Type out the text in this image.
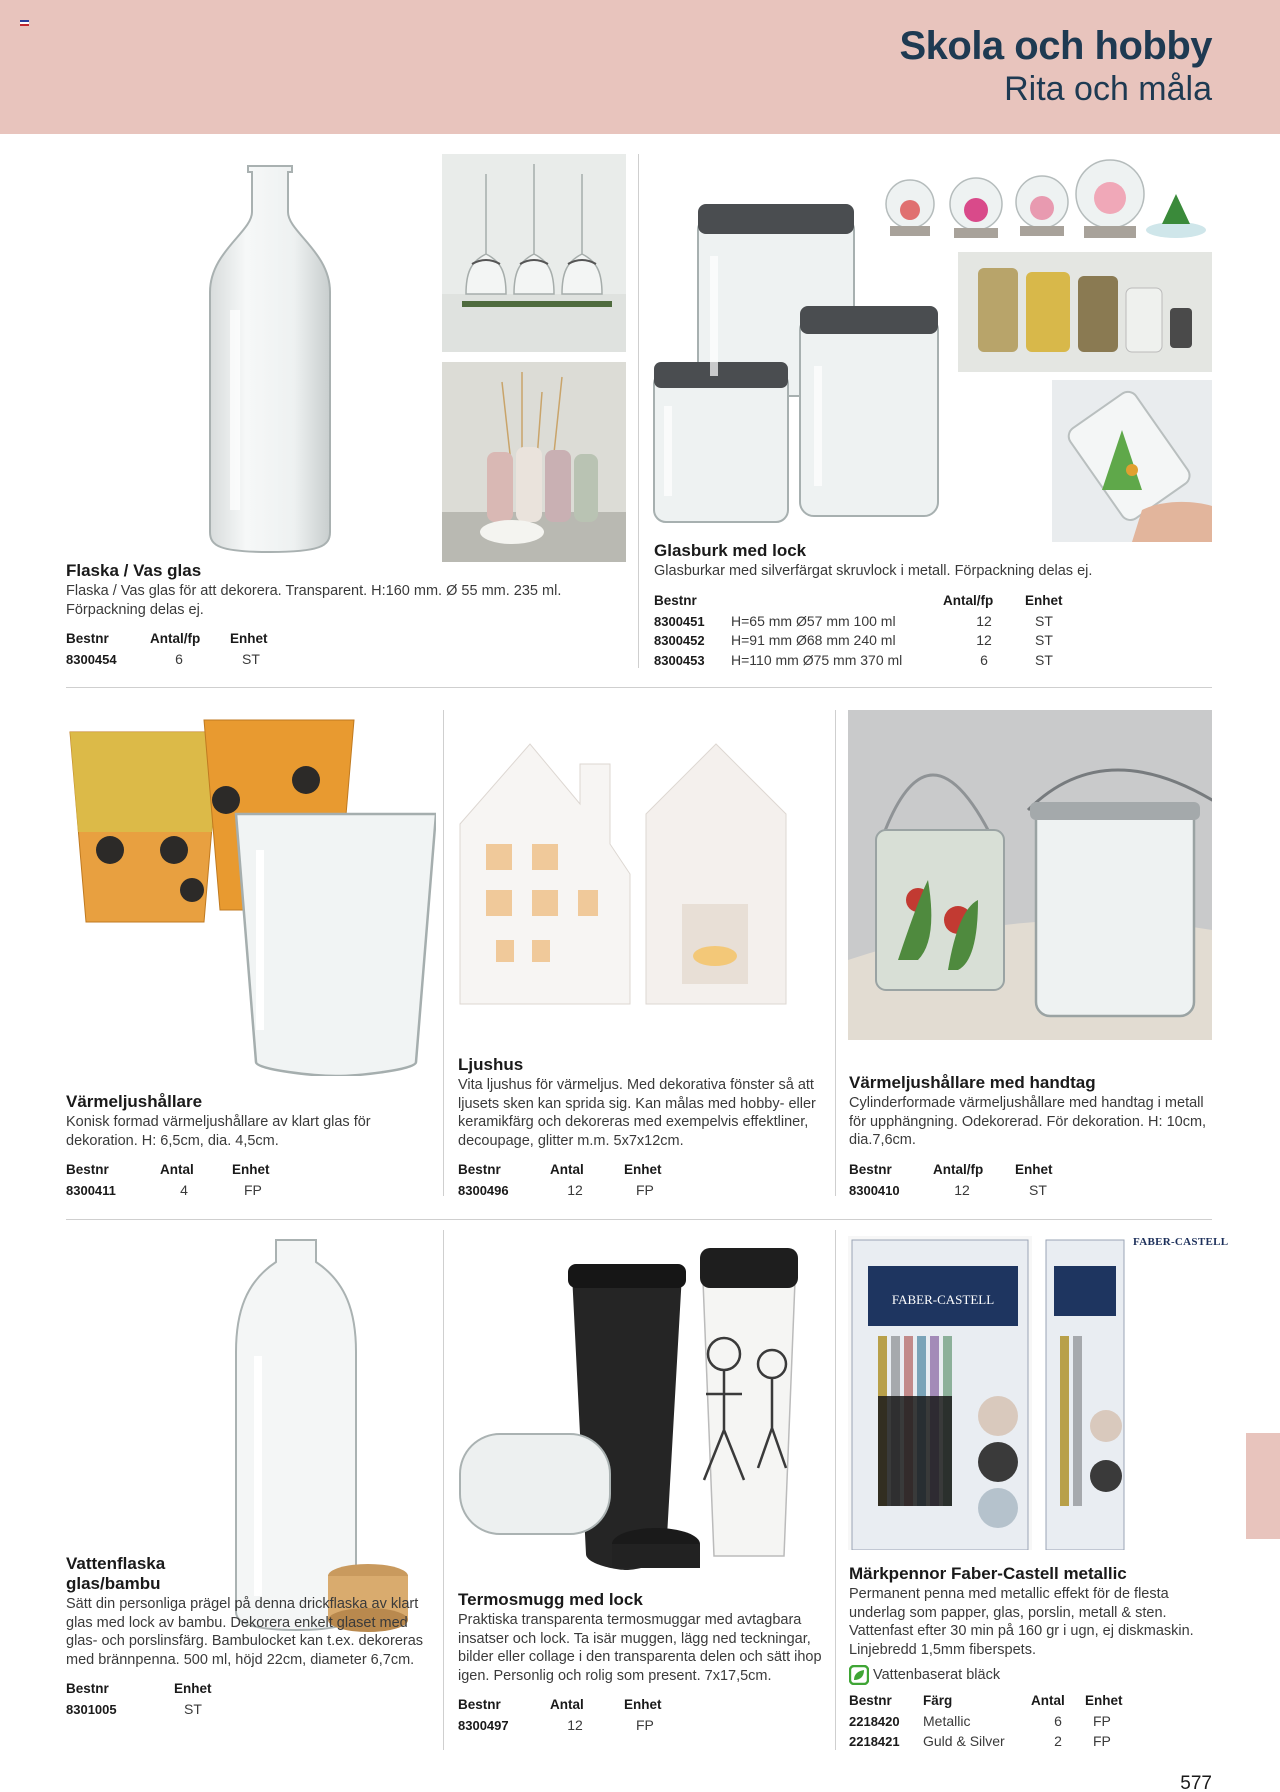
Skola och hobby
Rita och måla
FABER-CASTELL
FABER-CASTELL
Flaska / Vas glas
Flaska / Vas glas för att dekorera. Transparent. H:160 mm. Ø 55 mm. 235 ml. Förpackning delas ej.
Bestnr	Antal/fp	Enhet
8300454	6	ST
Glasburk med lock
Glasburkar med silverfärgat skruvlock i metall. Förpackning delas ej.
Bestnr		Antal/fp	Enhet
8300451	H=65 mm Ø57 mm 100 ml	12	ST
8300452	H=91 mm Ø68 mm 240 ml	12	ST
8300453	H=110 mm Ø75 mm 370 ml	6	ST
Värmeljushållare
Konisk formad värmeljushållare av klart glas för dekoration. H: 6,5cm, dia. 4,5cm.
Bestnr	Antal	Enhet
8300411	4	FP
Ljushus
Vita ljushus för värmeljus. Med dekorativa fönster så att ljusets sken kan sprida sig. Kan målas med hobby- eller keramikfärg och dekoreras med exempelvis effektliner, decoupage, glitter m.m. 5x7x12cm.
Bestnr	Antal	Enhet
8300496	12	FP
Värmeljushållare med handtag
Cylinderformade värmeljushållare med handtag i metall för upphängning. Odekorerad. För dekoration. H: 10cm, dia.7,6cm.
Bestnr	Antal/fp	Enhet
8300410	12	ST
Vattenflaska glas/bambu
Sätt din personliga prägel på denna drickflaska av klart glas med lock av bambu. Dekorera enkelt glaset med glas- och porslinsfärg. Bambulocket kan t.ex. dekoreras med brännpenna. 500 ml, höjd 22cm, diameter 6,7cm.
Bestnr	Enhet
8301005	ST
Termosmugg med lock
Praktiska transparenta termosmuggar med avtagbara insatser och lock. Ta isär muggen, lägg ned teckningar, bilder eller collage i den transparenta delen och sätt ihop igen. Personlig och rolig som present. 7x17,5cm.
Bestnr	Antal	Enhet
8300497	12	FP
Märkpennor Faber-Castell metallic
Permanent penna med metallic effekt för de flesta underlag som papper, glas, porslin, metall & sten. Vattenfast efter 30 min på 160 gr i ugn, ej diskmaskin. Linjebredd 1,5mm fiberspets.
Vattenbaserat bläck
Bestnr	Färg	Antal	Enhet
2218420	Metallic	6	FP
2218421	Guld & Silver	2	FP
577
